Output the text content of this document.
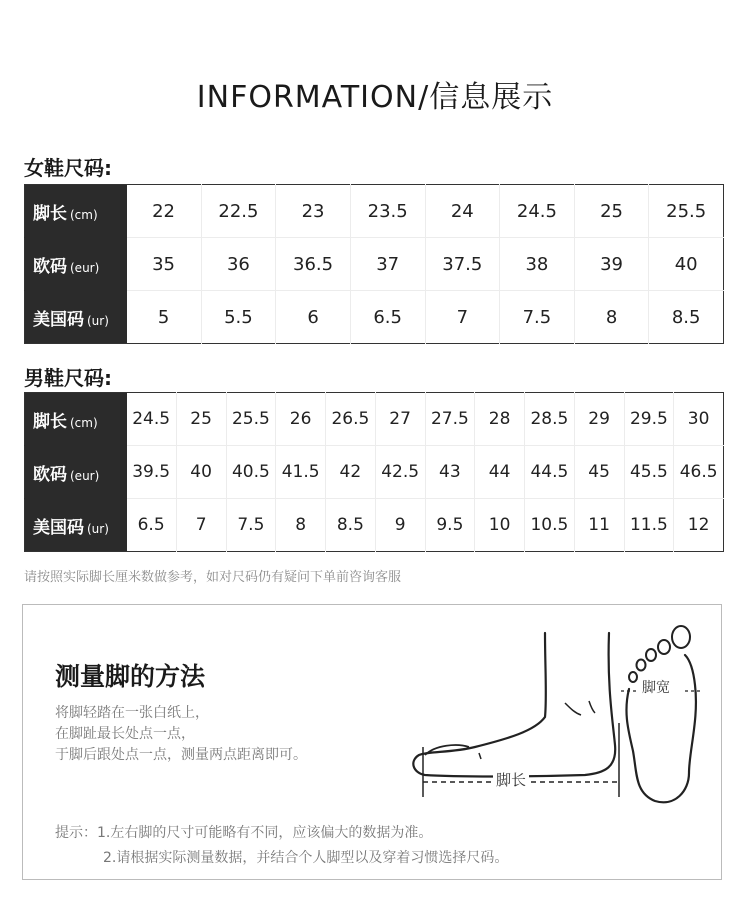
INFORMATION/信息展示
女鞋尺码:
脚长 (cm)	22	22.5	23	23.5	24	24.5	25	25.5
欧码 (eur)	35	36	36.5	37	37.5	38	39	40
美国码 (ur)	5	5.5	6	6.5	7	7.5	8	8.5
男鞋尺码:
脚长 (cm)	24.5	25	25.5	26	26.5	27	27.5	28	28.5	29	29.5	30
欧码 (eur)	39.5	40	40.5	41.5	42	42.5	43	44	44.5	45	45.5	46.5
美国码 (ur)	6.5	7	7.5	8	8.5	9	9.5	10	10.5	11	11.5	12
请按照实际脚长厘米数做参考，如对尺码仍有疑问下单前咨询客服
测量脚的方法
将脚轻踏在一张白纸上，
在脚趾最长处点一点，
于脚后跟处点一点，测量两点距离即可。
脚长
脚宽
提示：1.左右脚的尺寸可能略有不同，应该偏大的数据为准。
2.请根据实际测量数据，并结合个人脚型以及穿着习惯选择尺码。
